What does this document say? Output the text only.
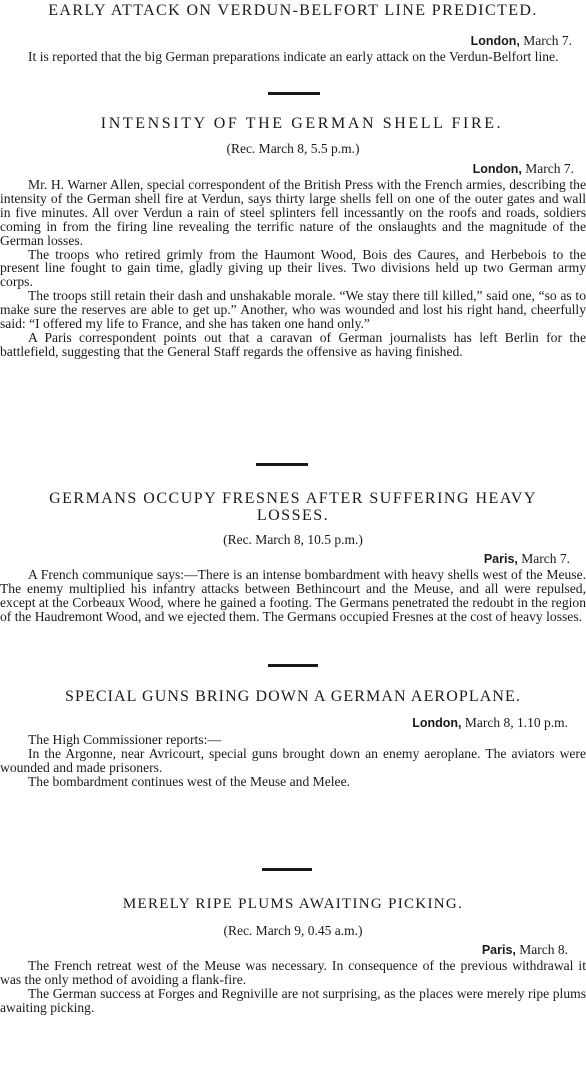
EARLY ATTACK ON VERDUN-BELFORT LINE PREDICTED.
London, March 7.

It is reported that the big German preparations indicate an early attack on the Verdun-Belfort line.

INTENSITY OF THE GERMAN SHELL FIRE.
(Rec. March 8, 5.5 p.m.)
London, March 7.

Mr. H. Warner Allen, special correspondent of the British Press with the French armies, describing the intensity of the German shell fire at Verdun, says thirty large shells fell on one of the outer gates and wall in five minutes. All over Verdun a rain of steel splinters fell incessantly on the roofs and roads, soldiers coming in from the firing line revealing the terrific nature of the onslaughts and the magnitude of the German losses.

The troops who retired grimly from the Haumont Wood, Bois des Caures, and Herbebois to the present line fought to gain time, gladly giving up their lives. Two divisions held up two German army corps.

The troops still retain their dash and unshakable morale. “We stay there till killed,” said one, “so as to make sure the reserves are able to get up.” Another, who was wounded and lost his right hand, cheerfully said: “I offered my life to France, and she has taken one hand only.”

A Paris correspondent points out that a caravan of German journalists has left Berlin for the battlefield, suggesting that the General Staff regards the offensive as having finished.

GERMANS OCCUPY FRESNES AFTER SUFFERING HEAVY
LOSSES.
(Rec. March 8, 10.5 p.m.)
Paris, March 7.

A French communique says:—There is an intense bombardment with heavy shells west of the Meuse. The enemy multiplied his infantry attacks between Bethincourt and the Meuse, and all were repulsed, except at the Corbeaux Wood, where he gained a footing. The Germans penetrated the redoubt in the region of the Haudremont Wood, and we ejected them. The Germans occupied Fresnes at the cost of heavy losses.

SPECIAL GUNS BRING DOWN A GERMAN AEROPLANE.
London, March 8, 1.10 p.m.

The High Commissioner reports:—

In the Argonne, near Avricourt, special guns brought down an enemy aeroplane. The aviators were wounded and made prisoners.

The bombardment continues west of the Meuse and Melee.

MERELY RIPE PLUMS AWAITING PICKING.
(Rec. March 9, 0.45 a.m.)
Paris, March 8.

The French retreat west of the Meuse was necessary. In consequence of the previous withdrawal it was the only method of avoiding a flank-fire.

The German success at Forges and Regniville are not surprising, as the places were merely ripe plums awaiting picking.
